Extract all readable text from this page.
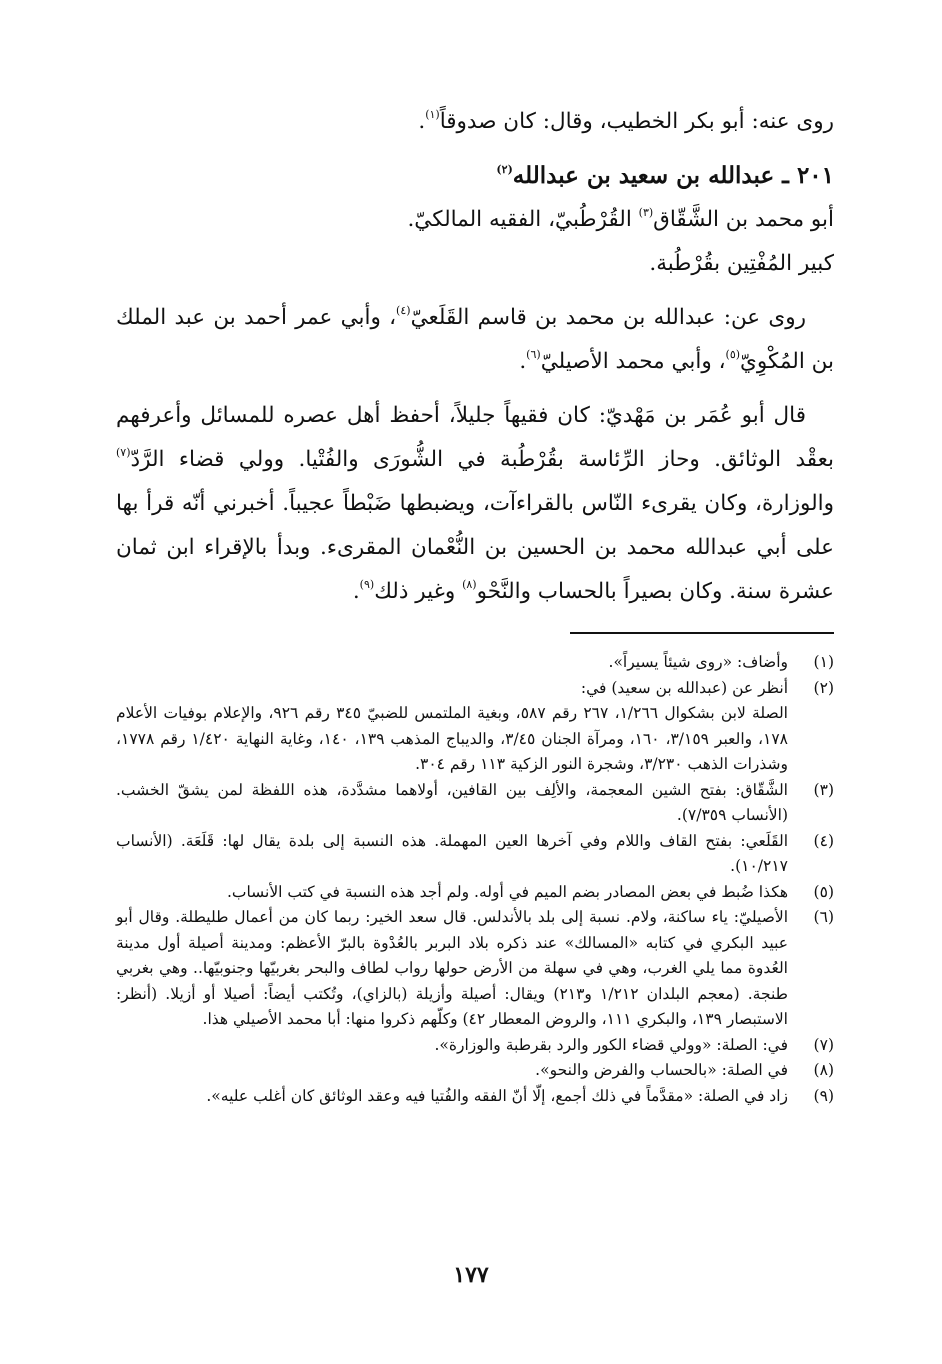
روى عنه: أبو بكر الخطيب، وقال: كان صدوقاً$^{(١)}$.

٢٠١ ـ عبدالله بن سعيد بن عبدالله$^{(٢)}$

أبو محمد بن الشَّقّاق$^{(٣)}$ القُرْطُبيّ، الفقيه المالكيّ.

كبير المُفْتِين بقُرْطُبة.

روى عن: عبدالله بن محمد بن قاسم القَلَعيّ$^{(٤)}$، وأبي عمر أحمد بن عبد الملك بن المُكْوِيّ$^{(٥)}$، وأبي محمد الأصيليّ$^{(٦)}$.

قال أبو عُمَر بن مَهْديّ: كان فقيهاً جليلاً، أحفظ أهل عصره للمسائل وأعرفهم بعقْد الوثائق. وحاز الرِّئاسة بقُرْطُبة في الشُّورَى والفُتْيا. وولي قضاء الرَّدّ$^{(٧)}$ والوزارة، وكان يقرىء النّاس بالقراءآت، ويضبطها ضَبْطاً عجيباً. أخبرني أنّه قرأ بها على أبي عبدالله محمد بن الحسين بن النُّعْمان المقرىء. وبدأ بالإقراء ابن ثمان عشرة سنة. وكان بصيراً بالحساب والنَّحْو$^{(٨)}$ وغير ذلك$^{(٩)}$.

(١)
وأضاف: «روى شيئاً يسيراً».
(٢)
أنظر عن (عبدالله بن سعيد) في:
الصلة لابن بشكوال ١/٢٦٦، ٢٦٧ رقم ٥٨٧، وبغية الملتمس للضبيّ ٣٤٥ رقم ٩٢٦، والإعلام بوفيات الأعلام ١٧٨، والعبر ٣/١٥٩، ١٦٠، ومرآة الجنان ٣/٤٥، والديباج المذهب ١٣٩، ١٤٠، وغاية النهاية ١/٤٢٠ رقم ١٧٧٨، وشذرات الذهب ٣/٢٣٠، وشجرة النور الزكية ١١٣ رقم ٣٠٤.
(٣)
الشَّقّاق: بفتح الشين المعجمة، والألِف بين القافين، أولاهما مشدَّدة، هذه اللفظة لمن يشقّ الخشب. (الأنساب ٧/٣٥٩).
(٤)
القَلَعي: بفتح القاف واللام وفي آخرها العين المهملة. هذه النسبة إلى بلدة يقال لها: قَلَعَة. (الأنساب ١٠/٢١٧).
(٥)
هكذا ضُبط في بعض المصادر بضم الميم في أوله. ولم أجد هذه النسبة في كتب الأنساب.
(٦)
الأصيليّ: ياء ساكنة، ولام. نسبة إلى بلد بالأندلس. قال سعد الخير: ربما كان من أعمال طليطلة. وقال أبو عبيد البكري في كتابه «المسالك» عند ذكره بلاد البربر بالعُدْوة بالبرّ الأعظم: ومدينة أصيلة أول مدينة العُدوة مما يلي الغرب، وهي في سهلة من الأرض حولها رواب لطاف والبحر بغربيّها وجنوبيّها.. وهي بغربي طنجة. (معجم البلدان ١/٢١٢ و٢١٣) ويقال: أصيلة وأزيلة (بالزاي)، وتُكتب أيضاً: أصيلا أو أزيلا. (أنظر: الاستبصار ١٣٩، والبكري ١١١، والروض المعطار ٤٢) وكلّهم ذكروا منها: أبا محمد الأصيلي هذا.
(٧)
في: الصلة: «وولي قضاء الكور والرد بقرطبة والوزارة».
(٨)
في الصلة: «بالحساب والفرض والنحو».
(٩)
زاد في الصلة: «مقدَّماً في ذلك أجمع، إلّا أنّ الفقه والفُتيا فيه وعقد الوثائق كان أغلب عليه».
١٧٧
